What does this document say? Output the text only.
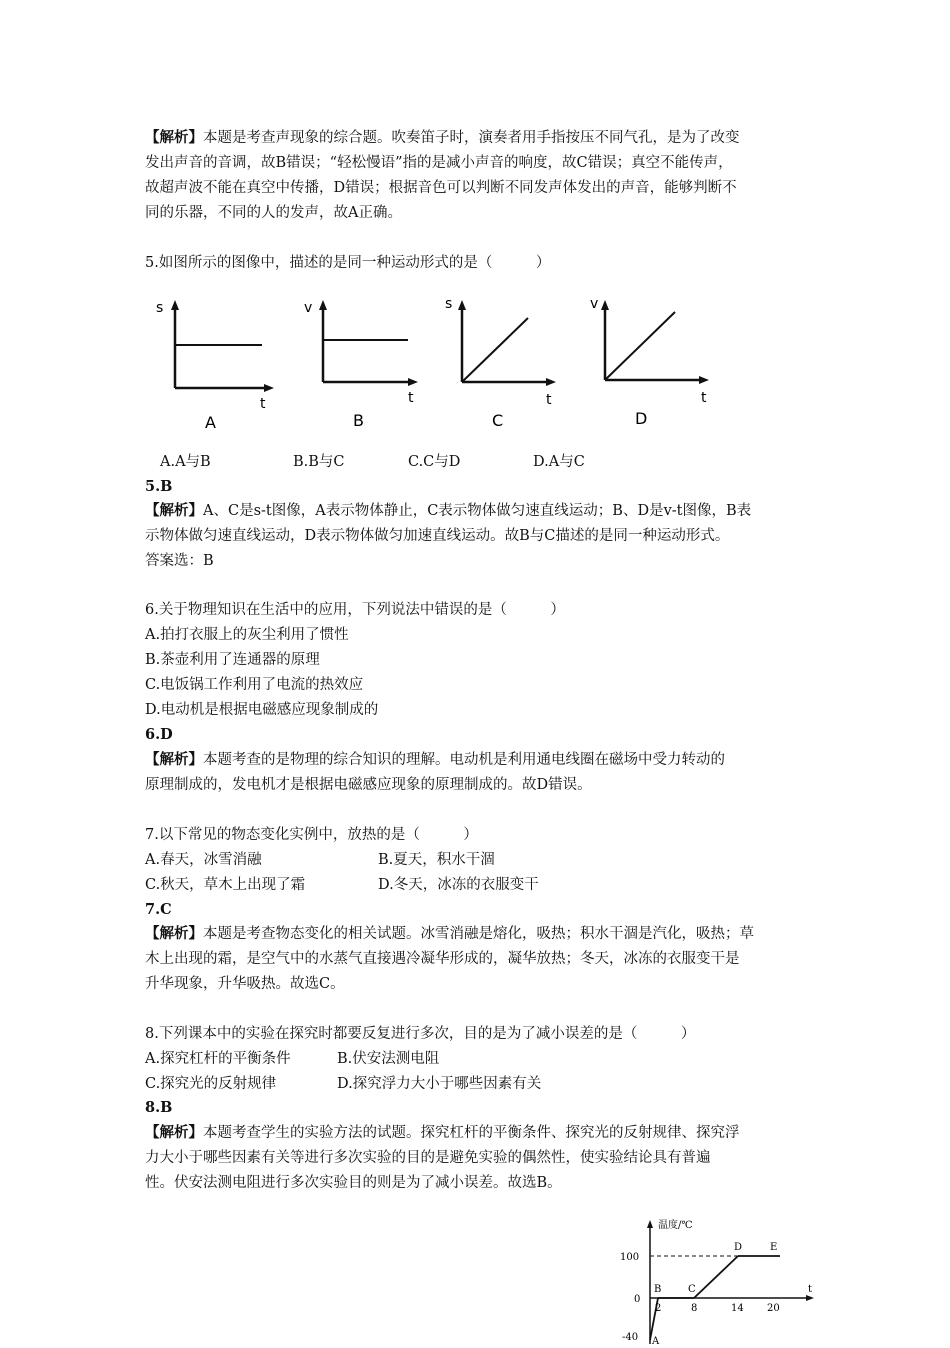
【解析】本题是考查声现象的综合题。吹奏笛子时，演奏者用手指按压不同气孔，是为了改变
发出声音的音调，故B错误；“轻松慢语”指的是减小声音的响度，故C错误；真空不能传声，
故超声波不能在真空中传播，D错误；根据音色可以判断不同发声体发出的声音，能够判断不
同的乐器，不同的人的发声，故A正确。
5.如图所示的图像中，描述的是同一种运动形式的是（　　　）
s
t
A
v
t
B
s
t
C
v
t
D
A.A与B	B.B与C	C.C与D	D.A与C
5.B
【解析】A、C是s-t图像，A表示物体静止，C表示物体做匀速直线运动；B、D是v-t图像，B表
示物体做匀速直线运动，D表示物体做匀加速直线运动。故B与C描述的是同一种运动形式。
答案选：B
6.关于物理知识在生活中的应用，下列说法中错误的是（　　　）
A.拍打衣服上的灰尘利用了惯性
B.茶壶利用了连通器的原理
C.电饭锅工作利用了电流的热效应
D.电动机是根据电磁感应现象制成的
6.D
【解析】本题考查的是物理的综合知识的理解。电动机是利用通电线圈在磁场中受力转动的
原理制成的，发电机才是根据电磁感应现象的原理制成的。故D错误。
7.以下常见的物态变化实例中，放热的是（　　　）
A.春天，冰雪消融	B.夏天，积水干涸
C.秋天，草木上出现了霜	D.冬天，冰冻的衣服变干
7.C
【解析】本题是考查物态变化的相关试题。冰雪消融是熔化，吸热；积水干涸是汽化，吸热；草
木上出现的霜，是空气中的水蒸气直接遇冷凝华形成的，凝华放热；冬天，冰冻的衣服变干是
升华现象，升华吸热。故选C。
8.下列课本中的实验在探究时都要反复进行多次，目的是为了减小误差的是（　　　）
A.探究杠杆的平衡条件	B.伏安法测电阻
C.探究光的反射规律	D.探究浮力大小于哪些因素有关
8.B
【解析】本题考查学生的实验方法的试题。探究杠杆的平衡条件、探究光的反射规律、探究浮
力大小于哪些因素有关等进行多次实验的目的是避免实验的偶然性，使实验结论具有普遍
性。伏安法测电阻进行多次实验目的则是为了减小误差。故选B。
温度/℃
t
100
0
-40
2	8	14 20
A
B	C
D	E
